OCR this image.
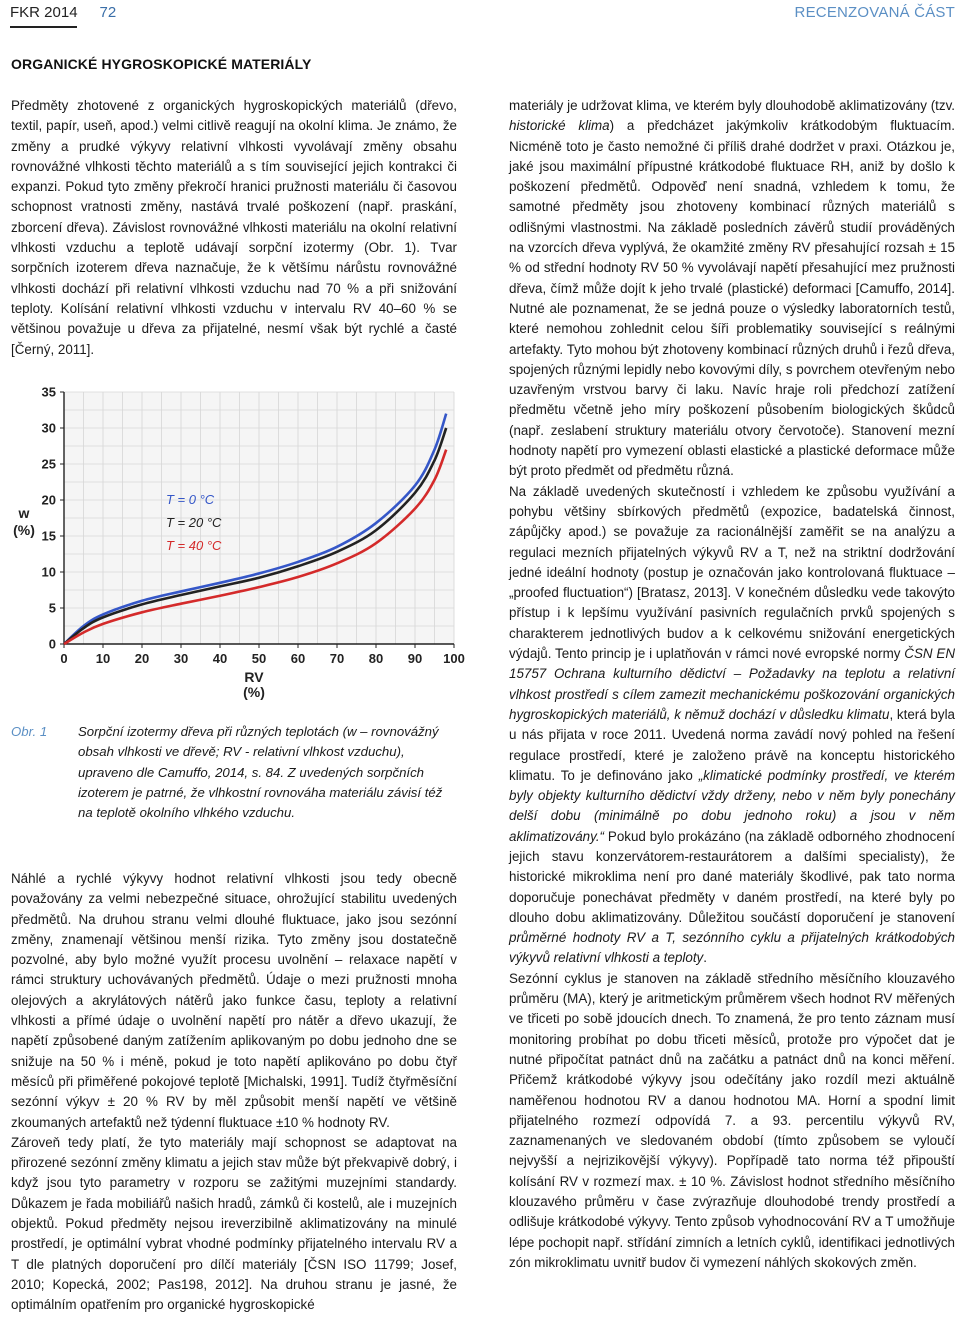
FKR 2014 72	RECENZOVANÁ ČÁST
ORGANICKÉ HYGROSKOPICKÉ MATERIÁLY

Předměty zhotovené z organických hygroskopických materiálů (dřevo, textil, papír, useň, apod.) velmi citlivě reagují na okolní klima. Je známo, že změny a prudké výkyvy relativní vlhkosti vyvolávají změny obsahu rovnovážné vlhkosti těchto materiálů a s tím související jejich kontrakci či expanzi. Pokud tyto změny překročí hranici pružnosti materiálu či časovou schopnost vratnosti změny, nastává trvalé poškození (např. praskání, zborcení dřeva). Závislost rovnovážné vlhkosti materiálu na okolní relativní vlhkosti vzduchu a teplotě udávají sorpční izotermy (Obr. 1). Tvar sorpčních izoterem dřeva naznačuje, že k většímu nárůstu rovnovážné vlhkosti dochází při relativní vlhkosti vzduchu nad 70 % a při snižování teploty. Kolísání relativní vlhkosti vzduchu v intervalu RV 40–60 % se většinou považuje u dřeva za přijatelné, nesmí však být rychlé a časté [Černý, 2011].

0
5
10
15
20
25
30
35
0 10 20 30 40 50 60 70 80 90 100
w
(%)
RV
(%)
T = 0 °C
T = 20 °C
T = 40 °C
Obr. 1 Sorpční izotermy dřeva při různých teplotách (w – rovnovážný obsah vlhkosti ve dřevě; RV - relativní vlhkost vzduchu), upraveno dle Camuffo, 2014, s. 84. Z uvedených sorpčních izoterem je patrné, že vlhkostní rovnováha materiálu závisí též na teplotě okolního vlhkého vzduchu.

Náhlé a rychlé výkyvy hodnot relativní vlhkosti jsou tedy obecně považovány za velmi nebezpečné situace, ohrožující stabilitu uvedených předmětů. Na druhou stranu velmi dlouhé fluktuace, jako jsou sezónní změny, znamenají většinou menší rizika. Tyto změny jsou dostatečně pozvolné, aby bylo možné využít procesu uvolnění – relaxace napětí v rámci struktury uchovávaných předmětů. Údaje o mezi pružnosti mnoha olejových a akrylátových nátěrů jako funkce času, teploty a relativní vlhkosti a přímé údaje o uvolnění napětí pro nátěr a dřevo ukazují, že napětí způsobené daným zatížením aplikovaným po dobu jednoho dne se snižuje na 50 % i méně, pokud je toto napětí aplikováno po dobu čtyř měsíců při přiměřené pokojové teplotě [Michalski, 1991]. Tudíž čtyřměsíční sezónní výkyv ± 20 % RV by měl způsobit menší napětí ve většině zkoumaných artefaktů než týdenní fluktuace ±10 % hodnoty RV.

Zároveň tedy platí, že tyto materiály mají schopnost se adaptovat na přirozené sezónní změny klimatu a jejich stav může být překvapivě dobrý, i když jsou tyto parametry v rozporu se zažitými muzejními standardy. Důkazem je řada mobiliářů našich hradů, zámků či kostelů, ale i muzejních objektů. Pokud předměty nejsou ireverzibilně aklimatizovány na minulé prostředí, je optimální vybrat vhodné podmínky přijatelného intervalu RV a T dle platných doporučení pro dílčí materiály [ČSN ISO 11799; Josef, 2010; Kopecká, 2002; Pas198, 2012]. Na druhou stranu je jasné, že optimálním opatřením pro organické hygroskopické

materiály je udržovat klima, ve kterém byly dlouhodobě aklimatizovány (tzv. historické klima) a předcházet jakýmkoliv krátkodobým fluktuacím. Nicméně toto je často nemožné či příliš drahé dodržet v praxi. Otázkou je, jaké jsou maximální přípustné krátkodobé fluktuace RH, aniž by došlo k poškození předmětů. Odpověď není snadná, vzhledem k tomu, že samotné předměty jsou zhotoveny kombinací různých materiálů s odlišnými vlastnostmi. Na základě posledních závěrů studií prováděných na vzorcích dřeva vyplývá, že okamžité změny RV přesahující rozsah ± 15 % od střední hodnoty RV 50 % vyvolávají napětí přesahující mez pružnosti dřeva, čímž může dojít k jeho trvalé (plastické) deformaci [Camuffo, 2014]. Nutné ale poznamenat, že se jedná pouze o výsledky laboratorních testů, které nemohou zohlednit celou šíři problematiky související s reálnými artefakty. Tyto mohou být zhotoveny kombinací různých druhů i řezů dřeva, spojených různými lepidly nebo kovovými díly, s povrchem otevřeným nebo uzavřeným vrstvou barvy či laku. Navíc hraje roli předchozí zatížení předmětu včetně jeho míry poškození působením biologických škůdců (např. zeslabení struktury materiálu otvory červotoče). Stanovení mezní hodnoty napětí pro vymezení oblasti elastické a plastické deformace může být proto předmět od předmětu různá.

Na základě uvedených skutečností i vzhledem ke způsobu využívání a pohybu většiny sbírkových předmětů (expozice, badatelská činnost, zápůjčky apod.) se považuje za racionálnější zaměřit se na analýzu a regulaci mezních přijatelných výkyvů RV a T, než na striktní dodržování jedné ideální hodnoty (postup je označován jako kontrolovaná fluktuace – „proofed fluctuation“) [Bratasz, 2013]. V konečném důsledku vede takovýto přístup i k lepšímu využívání pasivních regulačních prvků spojených s charakterem jednotlivých budov a k celkovému snižování energetických výdajů. Tento princip je i uplatňován v rámci nové evropské normy ČSN EN 15757 Ochrana kulturního dědictví – Požadavky na teplotu a relativní vlhkost prostředí s cílem zamezit mechanickému poškozování organických hygroskopických materiálů, k němuž dochází v důsledku klimatu, která byla u nás přijata v roce 2011. Uvedená norma zavádí nový pohled na řešení regulace prostředí, které je založeno právě na konceptu historického klimatu. To je definováno jako „klimatické podmínky prostředí, ve kterém byly objekty kulturního dědictví vždy drženy, nebo v něm byly ponechány delší dobu (minimálně po dobu jednoho roku) a jsou v něm aklimatizovány.“ Pokud bylo prokázáno (na základě odborného zhodnocení jejich stavu konzervátorem-restaurátorem a dalšími specialisty), že historické mikroklima není pro dané materiály škodlivé, pak tato norma doporučuje ponechávat předměty v daném prostředí, na které byly po dlouho dobu aklimatizovány. Důležitou součástí doporučení je stanovení průměrné hodnoty RV a T, sezónního cyklu a přijatelných krátkodobých výkyvů relativní vlhkosti a teploty.

Sezónní cyklus je stanoven na základě středního měsíčního klouzavého průměru (MA), který je aritmetickým průměrem všech hodnot RV měřených ve třiceti po sobě jdoucích dnech. To znamená, že pro tento záznam musí monitoring probíhat po dobu třiceti měsíců, protože pro výpočet dat je nutné připočítat patnáct dnů na začátku a patnáct dnů na konci měření. Přičemž krátkodobé výkyvy jsou odečítány jako rozdíl mezi aktuálně naměřenou hodnotou RV a danou hodnotou MA. Horní a spodní limit přijatelného rozmezí odpovídá 7. a 93. percentilu výkyvů RV, zaznamenaných ve sledovaném období (tímto způsobem se vyloučí nejvyšší a nejrizikovější výkyvy). Popřípadě tato norma též připouští kolísání RV v rozmezí max. ± 10 %. Závislost hodnot středního měsíčního klouzavého průměru v čase zvýrazňuje dlouhodobé trendy prostředí a odlišuje krátkodobé výkyvy. Tento způsob vyhodnocování RV a T umožňuje lépe pochopit např. střídání zimních a letních cyklů, identifikaci jednotlivých zón mikroklimatu uvnitř budov či vymezení náhlých skokových změn.
